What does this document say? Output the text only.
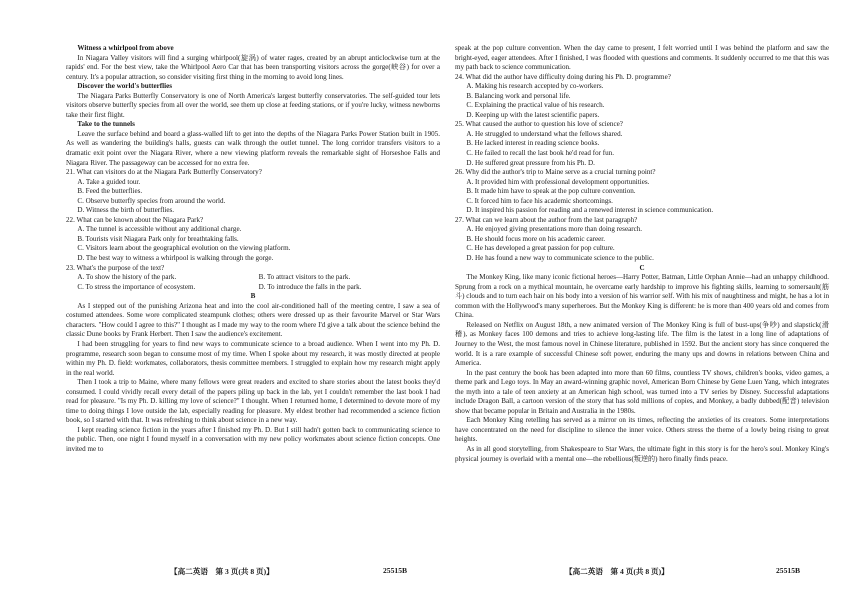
Witness a whirlpool from above

In Niagara Valley visitors will find a surging whirlpool(旋涡) of water rages, created by an abrupt anticlockwise turn at the rapids' end. For the best view, take the Whirlpool Aero Car that has been transporting visitors across the gorge(峡谷) for over a century. It's a popular attraction, so consider visiting first thing in the morning to avoid long lines.

Discover the world's butterflies

The Niagara Parks Butterfly Conservatory is one of North America's largest butterfly conservatories. The self-guided tour lets visitors observe butterfly species from all over the world, see them up close at feeding stations, or if you're lucky, witness newborns take their first flight.

Take to the tunnels

Leave the surface behind and board a glass-walled lift to get into the depths of the Niagara Parks Power Station built in 1905. As well as wandering the building's halls, guests can walk through the outlet tunnel. The long corridor transfers visitors to a dramatic exit point over the Niagara River, where a new viewing platform reveals the remarkable sight of Horseshoe Falls and Niagara River. The passageway can be accessed for no extra fee.

21. What can visitors do at the Niagara Park Butterfly Conservatory?

A. Take a guided tour.

B. Feed the butterflies.

C. Observe butterfly species from around the world.

D. Witness the birth of butterflies.

22. What can be known about the Niagara Park?

A. The tunnel is accessible without any additional charge.

B. Tourists visit Niagara Park only for breathtaking falls.

C. Visitors learn about the geographical evolution on the viewing platform.

D. The best way to witness a whirlpool is walking through the gorge.

23. What's the purpose of the text?

A. To show the history of the park.	B. To attract visitors to the park.
C. To stress the importance of ecosystem.	D. To introduce the falls in the park.

B

As I stepped out of the punishing Arizona heat and into the cool air-conditioned hall of the meeting centre, I saw a sea of costumed attendees. Some wore complicated steampunk clothes; others were dressed up as their favourite Marvel or Star Wars characters. "How could I agree to this?" I thought as I made my way to the room where I'd give a talk about the science behind the classic Dune books by Frank Herbert. Then I saw the audience's excitement.

I had been struggling for years to find new ways to communicate science to a broad audience. When I went into my Ph. D. programme, research soon began to consume most of my time. When I spoke about my research, it was mostly directed at people within my Ph. D. field: workmates, collaborators, thesis committee members. I struggled to explain how my research might apply in the real world.

Then I took a trip to Maine, where many fellows were great readers and excited to share stories about the latest books they'd consumed. I could vividly recall every detail of the papers piling up back in the lab, yet I couldn't remember the last book I had read for pleasure. "Is my Ph. D. killing my love of science?" I thought. When I returned home, I determined to devote more of my time to doing things I love outside the lab, especially reading for pleasure. My eldest brother had recommended a science fiction book, so I started with that. It was refreshing to think about science in a new way.

I kept reading science fiction in the years after I finished my Ph. D. But I still hadn't gotten back to communicating science to the public. Then, one night I found myself in a conversation with my new policy workmates about science fiction concepts. One invited me to

speak at the pop culture convention. When the day came to present, I felt worried until I was behind the platform and saw the bright-eyed, eager attendees. After I finished, I was flooded with questions and comments. It suddenly occurred to me that this was my path back to science communication.

24. What did the author have difficulty doing during his Ph. D. programme?

A. Making his research accepted by co-workers.

B. Balancing work and personal life.

C. Explaining the practical value of his research.

D. Keeping up with the latest scientific papers.

25. What caused the author to question his love of science?

A. He struggled to understand what the fellows shared.

B. He lacked interest in reading science books.

C. He failed to recall the last book he'd read for fun.

D. He suffered great pressure from his Ph. D.

26. Why did the author's trip to Maine serve as a crucial turning point?

A. It provided him with professional development opportunities.

B. It made him have to speak at the pop culture convention.

C. It forced him to face his academic shortcomings.

D. It inspired his passion for reading and a renewed interest in science communication.

27. What can we learn about the author from the last paragraph?

A. He enjoyed giving presentations more than doing research.

B. He should focus more on his academic career.

C. He has developed a great passion for pop culture.

D. He has found a new way to communicate science to the public.

C

The Monkey King, like many iconic fictional heroes—Harry Potter, Batman, Little Orphan Annie—had an unhappy childhood. Sprung from a rock on a mythical mountain, he overcame early hardship to improve his fighting skills, learning to somersault(筋斗) clouds and to turn each hair on his body into a version of his warrior self. With his mix of naughtiness and might, he has a lot in common with the Hollywood's many superheroes. But the Monkey King is different: he is more than 400 years old and comes from China.

Released on Netflix on August 18th, a new animated version of The Monkey King is full of bust-ups(争吵) and slapstick(滑稽), as Monkey faces 100 demons and tries to achieve long-lasting life. The film is the latest in a long line of adaptations of Journey to the West, the most famous novel in Chinese literature, published in 1592. But the ancient story has since conquered the world. It is a rare example of successful Chinese soft power, enduring the many ups and downs in relations between China and America.

In the past century the book has been adapted into more than 60 films, countless TV shows, children's books, video games, a theme park and Lego toys. In May an award-winning graphic novel, American Born Chinese by Gene Luen Yang, which integrates the myth into a tale of teen anxiety at an American high school, was turned into a TV series by Disney. Successful adaptations include Dragon Ball, a cartoon version of the story that has sold millions of copies, and Monkey, a badly dubbed(配音) television show that became popular in Britain and Australia in the 1980s.

Each Monkey King retelling has served as a mirror on its times, reflecting the anxieties of its creators. Some interpretations have concentrated on the need for discipline to silence the inner voice. Others stress the theme of a lowly being rising to great heights.

As in all good storytelling, from Shakespeare to Star Wars, the ultimate fight in this story is for the hero's soul. Monkey King's physical journey is overlaid with a mental one—the rebellious(叛逆的) hero finally finds peace.

【高二英语　第 3 页(共 8 页)】	25515B	【高二英语　第 4 页(共 8 页)】	25515B
